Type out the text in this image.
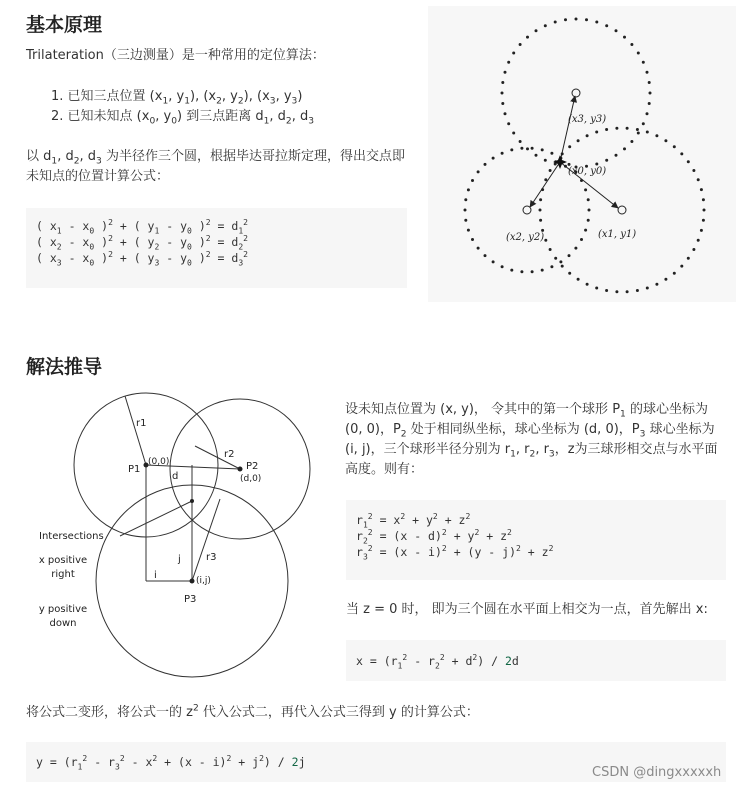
基本原理
Trilateration（三边测量）是一种常用的定位算法：
1. 已知三点位置 ($x_1$, $y_1$), ($x_2$, $y_2$), ($x_3$, $y_3$)
2. 已知未知点 ($x_0$, $y_0$) 到三点距离 $d_1$, $d_2$, $d_3$
以 $d_1$, $d_2$, $d_3$ 为半径作三个圆，根据毕达哥拉斯定理，得出交点即未知点的位置计算公式：
( $x_1 - x_0$ )$^2$ + ( $y_1 - y_0$ )$^2 = d_1^2$
( $x_2 - x_0$ )$^2$ + ( $y_2 - y_0$ )$^2 = d_2^2$
( $x_3 - x_0$ )$^2$ + ( $y_3 - y_0$ )$^2 = d_3^2$
(x3, y3)
(x0, y0)
(x2, y2)	(x1, y1)
解法推导
r1
r2
r3
P1
(0,0)	P2
(d,0)
P3
(i,j)
d
i
j
Intersections
x positive
right
y positive
down
设未知点位置为 (x, y)， 令其中的第一个球形 $P_1$ 的球心坐标为 (0, 0)，$P_2$ 处于相同纵坐标，球心坐标为 (d, 0)，$P_3$ 球心坐标为 (i, j)，三个球形半径分别为 $r_1$, $r_2$, $r_3$，z为三球形相交点与水平面高度。则有：
$r_1^2 = x^2 + y^2 + z^2$
$r_2^2 = (x - d)^2 + y^2 + z^2$
$r_3^2 = (x - i)^2 + (y - j)^2 + z^2$
当 z = 0 时， 即为三个圆在水平面上相交为一点，首先解出 x:
$x = (r_1^2 - r_2^2 + d^2) / 2d$
将公式二变形，将公式一的 $z^2$ 代入公式二，再代入公式三得到 y 的计算公式：
$y = (r_1^2 - r_3^2 - x^2 + (x - i)^2 + j^2) / 2j$
CSDN @dingxxxxxh
